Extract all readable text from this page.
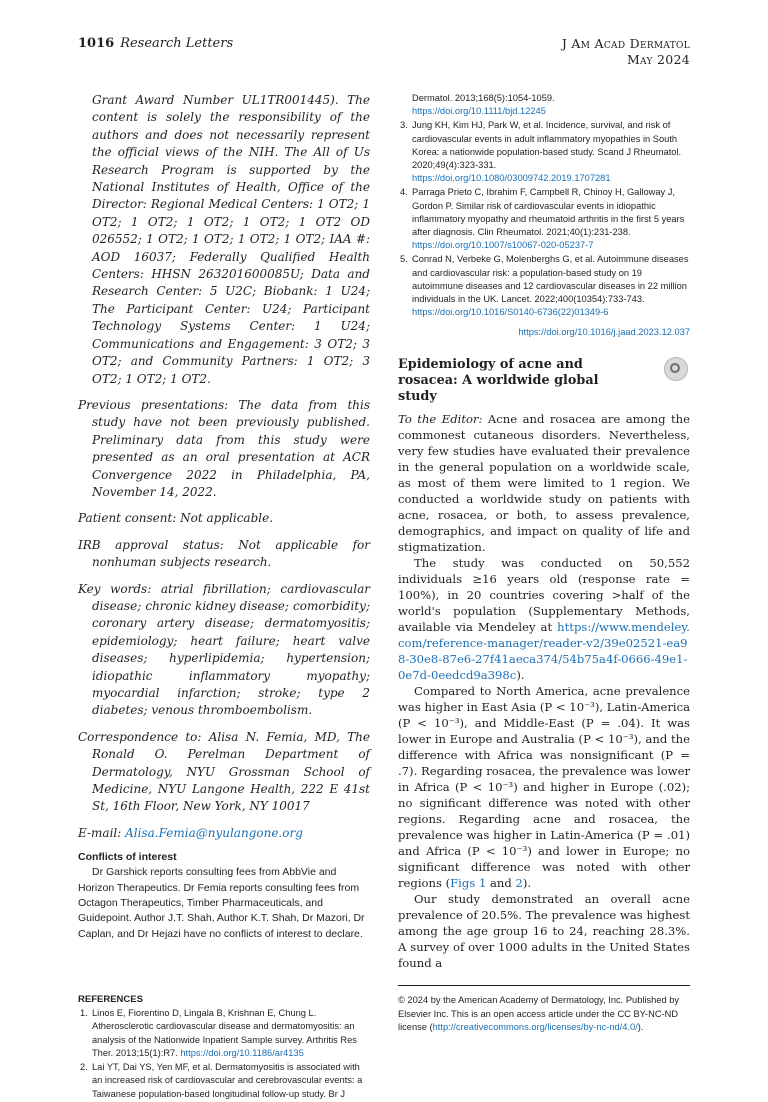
1016 Research Letters	J Am Acad Dermatol
May 2024

Grant Award Number UL1TR001445). The content is solely the responsibility of the authors and does not necessarily represent the official views of the NIH. The All of Us Research Program is supported by the National Institutes of Health, Office of the Director: Regional Medical Centers: 1 OT2; 1 OT2; 1 OT2; 1 OT2; 1 OT2; 1 OT2 OD 026552; 1 OT2; 1 OT2; 1 OT2; 1 OT2; IAA #: AOD 16037; Federally Qualified Health Centers: HHSN 263201600085U; Data and Research Center: 5 U2C; Biobank: 1 U24; The Participant Center: U24; Participant Technology Systems Center: 1 U24; Communications and Engagement: 3 OT2; 3 OT2; and Community Partners: 1 OT2; 3 OT2; 1 OT2; 1 OT2.

Previous presentations: The data from this study have not been previously published. Preliminary data from this study were presented as an oral presentation at ACR Convergence 2022 in Philadelphia, PA, November 14, 2022.

Patient consent: Not applicable.

IRB approval status: Not applicable for nonhuman subjects research.

Key words: atrial fibrillation; cardiovascular disease; chronic kidney disease; comorbidity; coronary artery disease; dermatomyositis; epidemiology; heart failure; heart valve diseases; hyperlipidemia; hypertension; idiopathic inflammatory myopathy; myocardial infarction; stroke; type 2 diabetes; venous thromboembolism.

Correspondence to: Alisa N. Femia, MD, The Ronald O. Perelman Department of Dermatology, NYU Grossman School of Medicine, NYU Langone Health, 222 E 41st St, 16th Floor, New York, NY 10017

E-mail: Alisa.Femia@nyulangone.org

Conflicts of interest

Dr Garshick reports consulting fees from AbbVie and Horizon Therapeutics. Dr Femia reports consulting fees from Octagon Therapeutics, Timber Pharmaceuticals, and Guidepoint. Author J.T. Shah, Author K.T. Shah, Dr Mazori, Dr Caplan, and Dr Hejazi have no conflicts of interest to declare.

REFERENCES
1. Linos E, Fiorentino D, Lingala B, Krishnan E, Chung L. Atherosclerotic cardiovascular disease and dermatomyositis: an analysis of the Nationwide Inpatient Sample survey. Arthritis Res Ther. 2013;15(1):R7. https://doi.org/10.1186/ar4135
2. Lai YT, Dai YS, Yen MF, et al. Dermatomyositis is associated with an increased risk of cardiovascular and cerebrovascular events: a Taiwanese population-based longitudinal follow-up study. Br J
Dermatol. 2013;168(5):1054-1059. https://doi.org/10.1111/bjd.12245
3. Jung KH, Kim HJ, Park W, et al. Incidence, survival, and risk of cardiovascular events in adult inflammatory myopathies in South Korea: a nationwide population-based study. Scand J Rheumatol. 2020;49(4):323-331. https://doi.org/10.1080/03009742.2019.1707281
4. Parraga Prieto C, Ibrahim F, Campbell R, Chinoy H, Galloway J, Gordon P. Similar risk of cardiovascular events in idiopathic inflammatory myopathy and rheumatoid arthritis in the first 5 years after diagnosis. Clin Rheumatol. 2021;40(1):231-238. https://doi.org/10.1007/s10067-020-05237-7
5. Conrad N, Verbeke G, Molenberghs G, et al. Autoimmune diseases and cardiovascular risk: a population-based study on 19 autoimmune diseases and 12 cardiovascular diseases in 22 million individuals in the UK. Lancet. 2022;400(10354):733-743. https://doi.org/10.1016/S0140-6736(22)01349-6
https://doi.org/10.1016/j.jaad.2023.12.037
Epidemiology of acne and rosacea: A worldwide global study

To the Editor: Acne and rosacea are among the commonest cutaneous disorders. Nevertheless, very few studies have evaluated their prevalence in the general population on a worldwide scale, as most of them were limited to 1 region. We conducted a worldwide study on patients with acne, rosacea, or both, to assess prevalence, demographics, and impact on quality of life and stigmatization.

The study was conducted on 50,552 individuals ≥16 years old (response rate = 100%), in 20 countries covering >half of the world's population (Supplementary Methods, available via Mendeley at https://www.mendeley.com/reference-manager/reader-v2/39e02521-ea98-30e8-87e6-27f41aeca374/54b75a4f-0666-49e1-0e7d-0eedcd9a398c).

Compared to North America, acne prevalence was higher in East Asia (P < 10⁻³), Latin-America (P < 10⁻³), and Middle-East (P = .04). It was lower in Europe and Australia (P < 10⁻³), and the difference with Africa was nonsignificant (P = .7). Regarding rosacea, the prevalence was lower in Africa (P < 10⁻³) and higher in Europe (.02); no significant difference was noted with other regions. Regarding acne and rosacea, the prevalence was higher in Latin-America (P = .01) and Africa (P < 10⁻³) and lower in Europe; no significant difference was noted with other regions (Figs 1 and 2).

Our study demonstrated an overall acne prevalence of 20.5%. The prevalence was highest among the age group 16 to 24, reaching 28.3%. A survey of over 1000 adults in the United States found a

© 2024 by the American Academy of Dermatology, Inc. Published by Elsevier Inc. This is an open access article under the CC BY-NC-ND license (http://creativecommons.org/licenses/by-nc-nd/4.0/).
